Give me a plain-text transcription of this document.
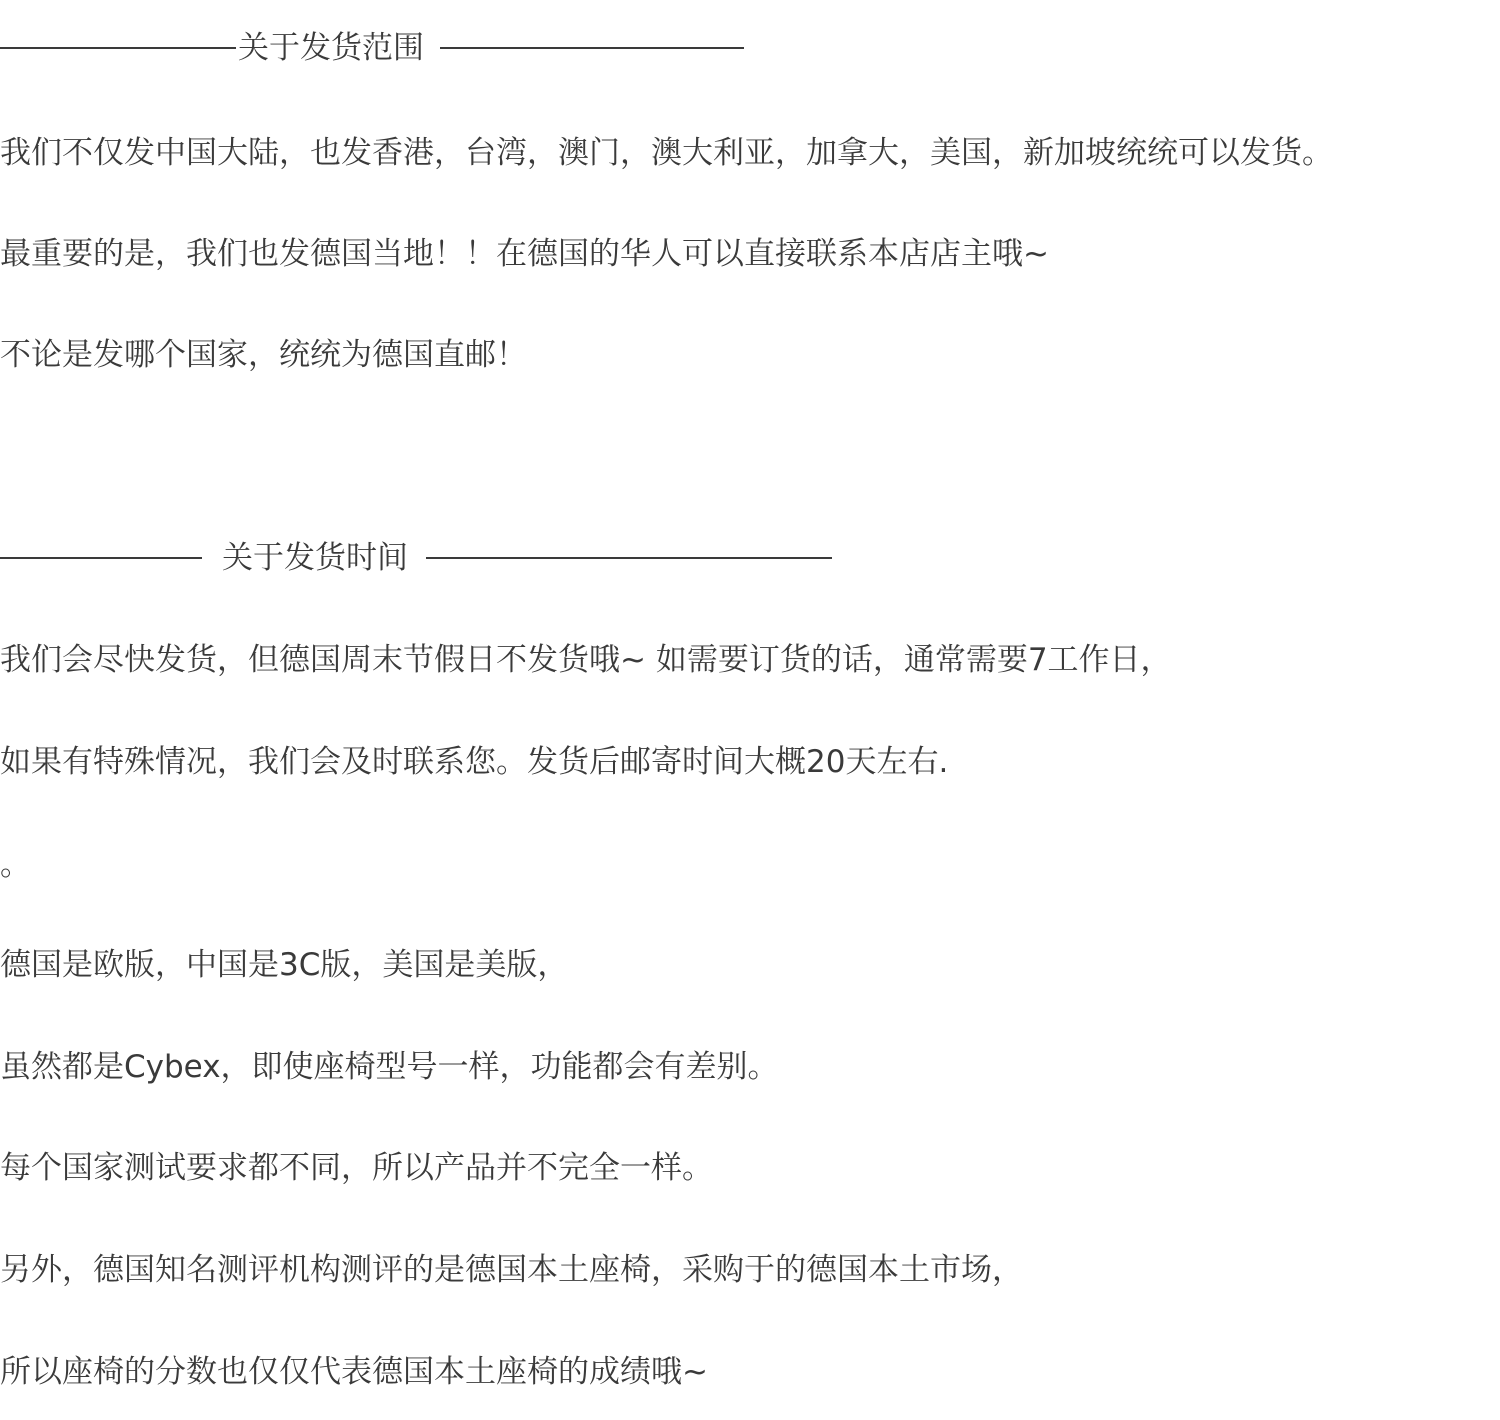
关于发货范围

我们不仅发中国大陆，也发香港，台湾，澳门，澳大利亚，加拿大，美国，新加坡统统可以发货。

最重要的是，我们也发德国当地！！在德国的华人可以直接联系本店店主哦~

不论是发哪个国家，统统为德国直邮！

关于发货时间

我们会尽快发货，但德国周末节假日不发货哦~ 如需要订货的话，通常需要7工作日，

如果有特殊情况，我们会及时联系您。发货后邮寄时间大概20天左右.

。

德国是欧版，中国是3C版，美国是美版，

虽然都是Cybex，即使座椅型号一样，功能都会有差别。

每个国家测试要求都不同，所以产品并不完全一样。

另外，德国知名测评机构测评的是德国本土座椅，采购于的德国本土市场，

所以座椅的分数也仅仅代表德国本土座椅的成绩哦~
